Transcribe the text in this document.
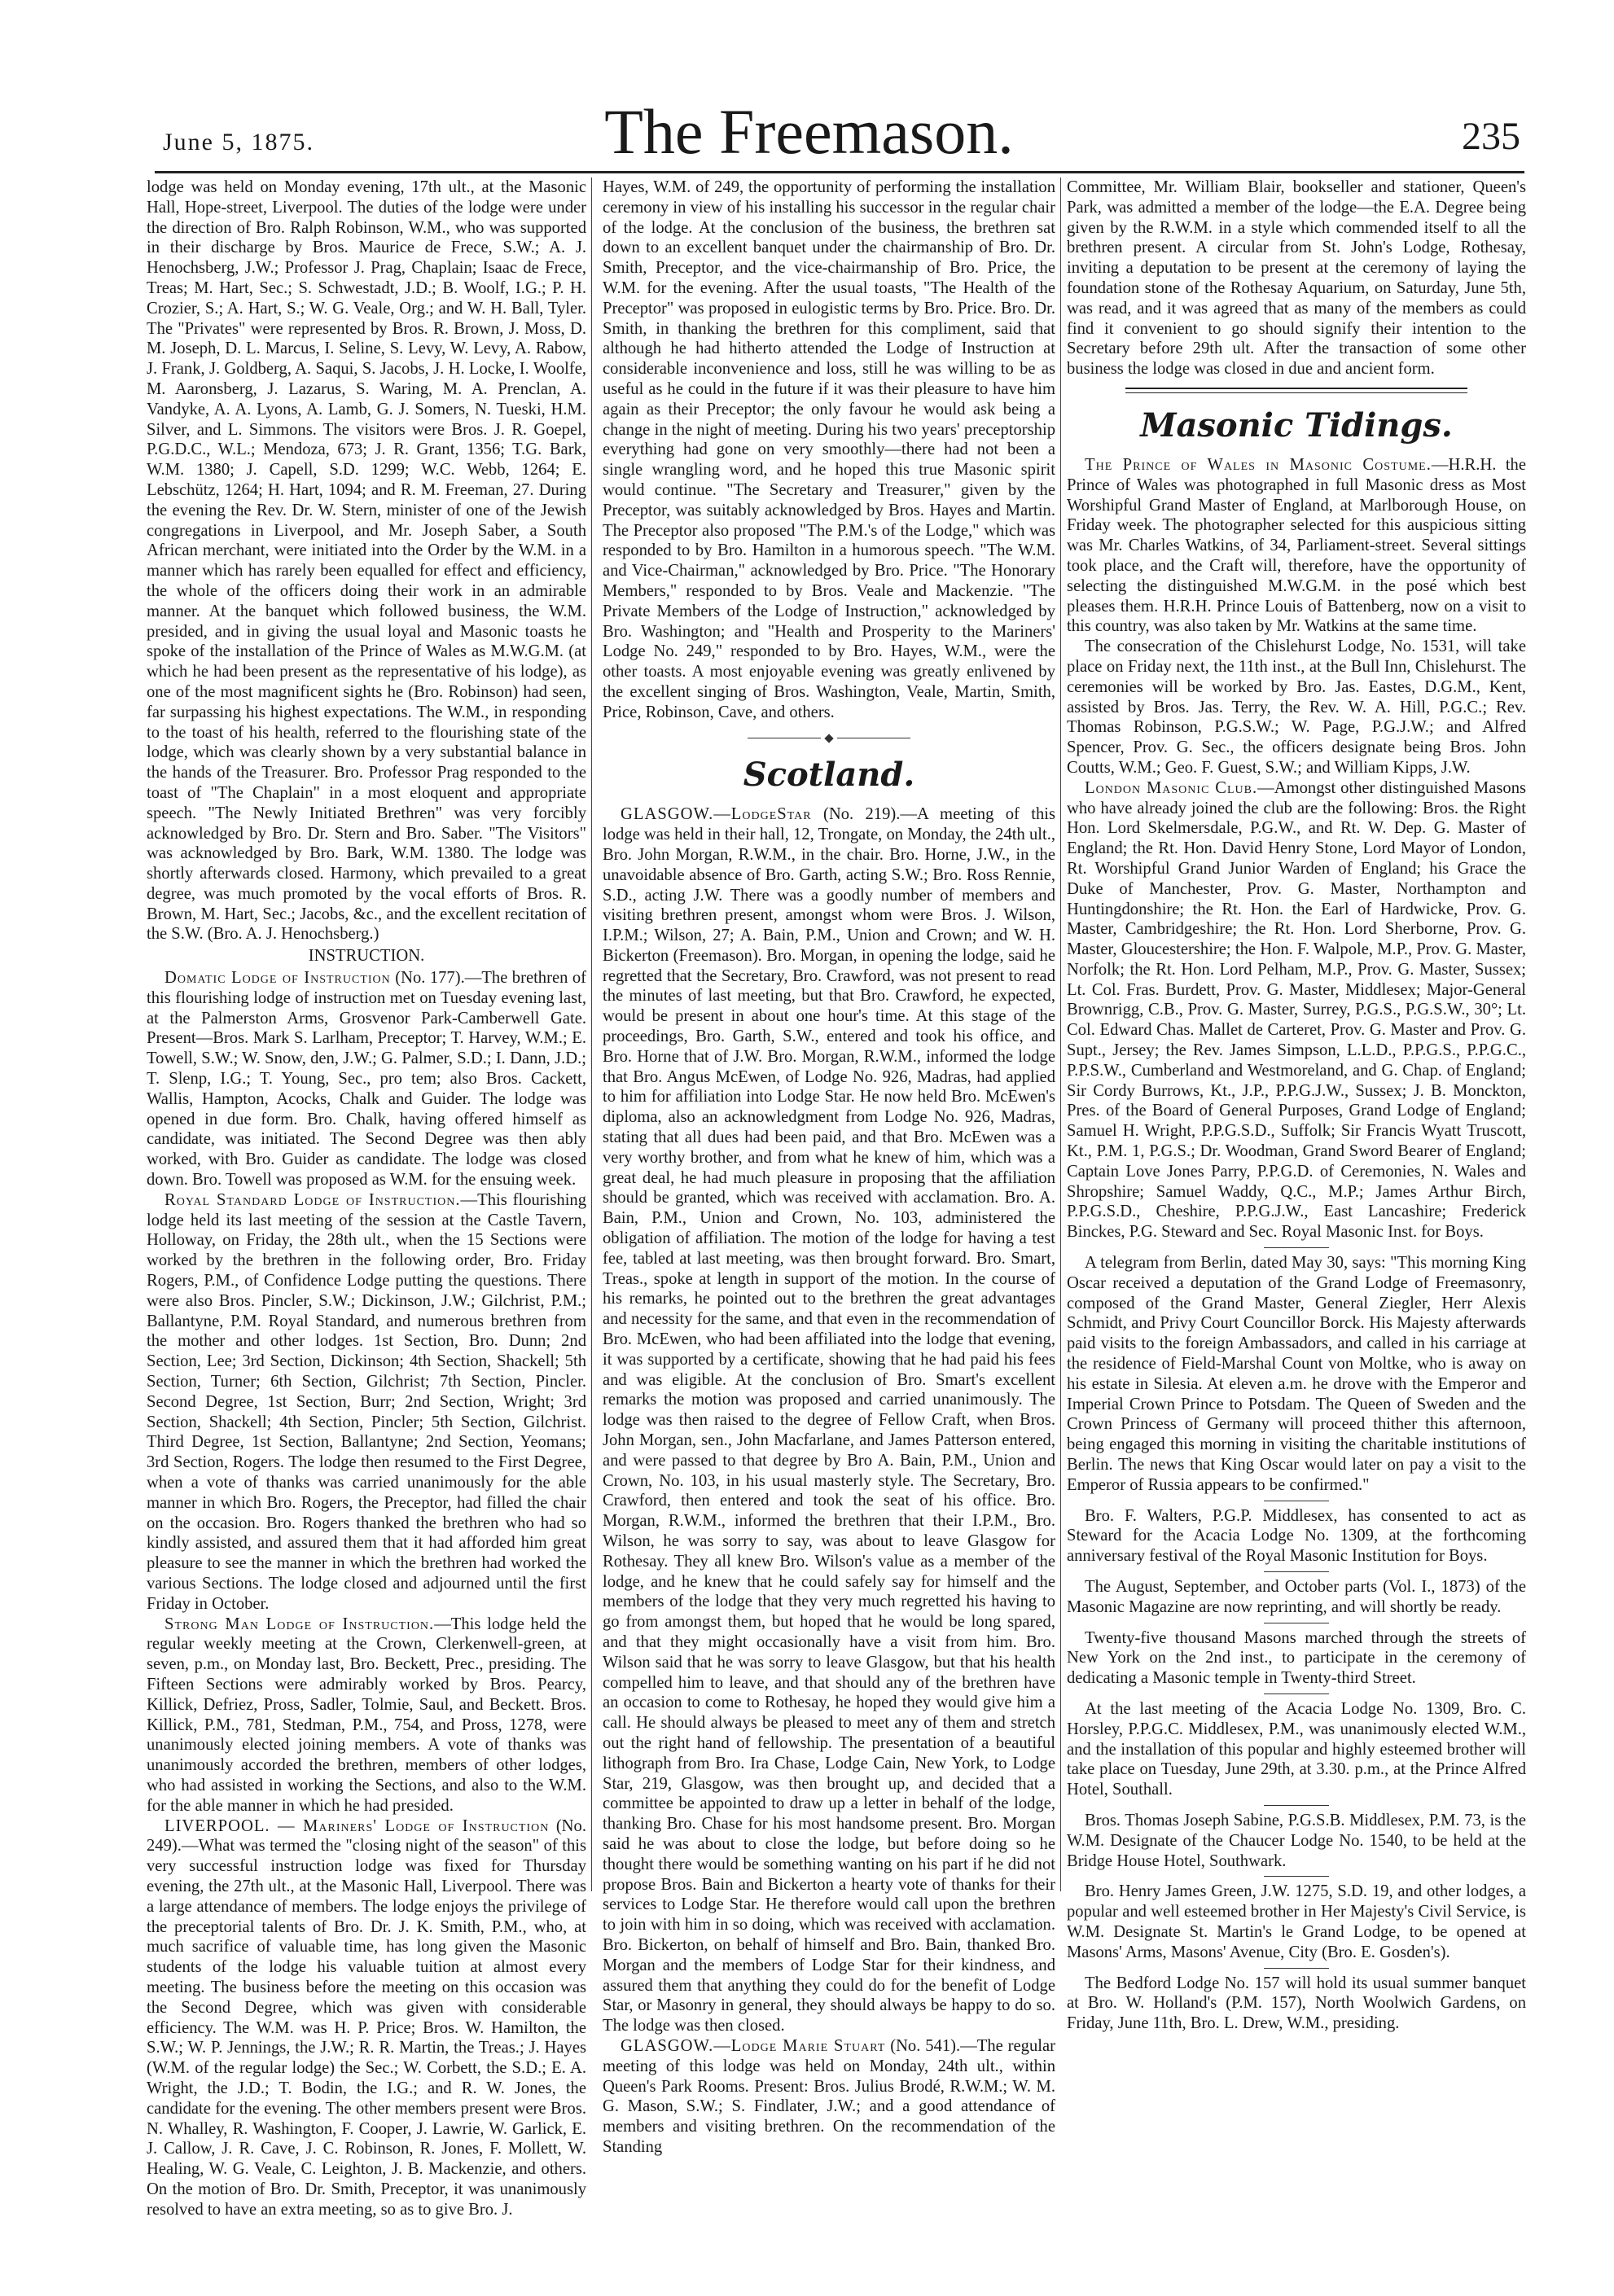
June 5, 1875.	The Freemason.	235

lodge was held on Monday evening, 17th ult., at the Masonic Hall, Hope-street, Liverpool. The duties of the lodge were under the direction of Bro. Ralph Robinson, W.M., who was supported in their discharge by Bros. Maurice de Frece, S.W.; A. J. Henochsberg, J.W.; Professor J. Prag, Chaplain; Isaac de Frece, Treas; M. Hart, Sec.; S. Schwestadt, J.D.; B. Woolf, I.G.; P. H. Crozier, S.; A. Hart, S.; W. G. Veale, Org.; and W. H. Ball, Tyler. The "Privates" were represented by Bros. R. Brown, J. Moss, D. M. Joseph, D. L. Marcus, I. Seline, S. Levy, W. Levy, A. Rabow, J. Frank, J. Goldberg, A. Saqui, S. Jacobs, J. H. Locke, I. Woolfe, M. Aaronsberg, J. Lazarus, S. Waring, M. A. Prenclan, A. Vandyke, A. A. Lyons, A. Lamb, G. J. Somers, N. Tueski, H.M. Silver, and L. Simmons. The visitors were Bros. J. R. Goepel, P.G.D.C., W.L.; Mendoza, 673; J. R. Grant, 1356; T.G. Bark, W.M. 1380; J. Capell, S.D. 1299; W.C. Webb, 1264; E. Lebschütz, 1264; H. Hart, 1094; and R. M. Freeman, 27. During the evening the Rev. Dr. W. Stern, minister of one of the Jewish congregations in Liverpool, and Mr. Joseph Saber, a South African merchant, were initiated into the Order by the W.M. in a manner which has rarely been equalled for effect and efficiency, the whole of the officers doing their work in an admirable manner. At the banquet which followed business, the W.M. presided, and in giving the usual loyal and Masonic toasts he spoke of the installation of the Prince of Wales as M.W.G.M. (at which he had been present as the representative of his lodge), as one of the most magnificent sights he (Bro. Robinson) had seen, far surpassing his highest expectations. The W.M., in responding to the toast of his health, referred to the flourishing state of the lodge, which was clearly shown by a very substantial balance in the hands of the Treasurer. Bro. Professor Prag responded to the toast of "The Chaplain" in a most eloquent and appropriate speech. "The Newly Initiated Brethren" was very forcibly acknowledged by Bro. Dr. Stern and Bro. Saber. "The Visitors" was acknowledged by Bro. Bark, W.M. 1380. The lodge was shortly afterwards closed. Harmony, which prevailed to a great degree, was much promoted by the vocal efforts of Bros. R. Brown, M. Hart, Sec.; Jacobs, &c., and the excellent recitation of the S.W. (Bro. A. J. Henochsberg.)

INSTRUCTION.

Domatic Lodge of Instruction (No. 177).—The brethren of this flourishing lodge of instruction met on Tuesday evening last, at the Palmerston Arms, Grosvenor Park-Camberwell Gate. Present—Bros. Mark S. Larlham, Preceptor; T. Harvey, W.M.; E. Towell, S.W.; W. Snow, den, J.W.; G. Palmer, S.D.; I. Dann, J.D.; T. Slenp, I.G.; T. Young, Sec., pro tem; also Bros. Cackett, Wallis, Hampton, Acocks, Chalk and Guider. The lodge was opened in due form. Bro. Chalk, having offered himself as candidate, was initiated. The Second Degree was then ably worked, with Bro. Guider as candidate. The lodge was closed down. Bro. Towell was proposed as W.M. for the ensuing week.

Royal Standard Lodge of Instruction.—This flourishing lodge held its last meeting of the session at the Castle Tavern, Holloway, on Friday, the 28th ult., when the 15 Sections were worked by the brethren in the following order, Bro. Friday Rogers, P.M., of Confidence Lodge putting the questions. There were also Bros. Pincler, S.W.; Dickinson, J.W.; Gilchrist, P.M.; Ballantyne, P.M. Royal Standard, and numerous brethren from the mother and other lodges. 1st Section, Bro. Dunn; 2nd Section, Lee; 3rd Section, Dickinson; 4th Section, Shackell; 5th Section, Turner; 6th Section, Gilchrist; 7th Section, Pincler. Second Degree, 1st Section, Burr; 2nd Section, Wright; 3rd Section, Shackell; 4th Section, Pincler; 5th Section, Gilchrist. Third Degree, 1st Section, Ballantyne; 2nd Section, Yeomans; 3rd Section, Rogers. The lodge then resumed to the First Degree, when a vote of thanks was carried unanimously for the able manner in which Bro. Rogers, the Preceptor, had filled the chair on the occasion. Bro. Rogers thanked the brethren who had so kindly assisted, and assured them that it had afforded him great pleasure to see the manner in which the brethren had worked the various Sections. The lodge closed and adjourned until the first Friday in October.

Strong Man Lodge of Instruction.—This lodge held the regular weekly meeting at the Crown, Clerkenwell-green, at seven, p.m., on Monday last, Bro. Beckett, Prec., presiding. The Fifteen Sections were admirably worked by Bros. Pearcy, Killick, Defriez, Pross, Sadler, Tolmie, Saul, and Beckett. Bros. Killick, P.M., 781, Stedman, P.M., 754, and Pross, 1278, were unanimously elected joining members. A vote of thanks was unanimously accorded the brethren, members of other lodges, who had assisted in working the Sections, and also to the W.M. for the able manner in which he had presided.

LIVERPOOL. — Mariners' Lodge of Instruction (No. 249).—What was termed the "closing night of the season" of this very successful instruction lodge was fixed for Thursday evening, the 27th ult., at the Masonic Hall, Liverpool. There was a large attendance of members. The lodge enjoys the privilege of the preceptorial talents of Bro. Dr. J. K. Smith, P.M., who, at much sacrifice of valuable time, has long given the Masonic students of the lodge his valuable tuition at almost every meeting. The business before the meeting on this occasion was the Second Degree, which was given with considerable efficiency. The W.M. was H. P. Price; Bros. W. Hamilton, the S.W.; W. P. Jennings, the J.W.; R. R. Martin, the Treas.; J. Hayes (W.M. of the regular lodge) the Sec.; W. Corbett, the S.D.; E. A. Wright, the J.D.; T. Bodin, the I.G.; and R. W. Jones, the candidate for the evening. The other members present were Bros. N. Whalley, R. Washington, F. Cooper, J. Lawrie, W. Garlick, E. J. Callow, J. R. Cave, J. C. Robinson, R. Jones, F. Mollett, W. Healing, W. G. Veale, C. Leighton, J. B. Mackenzie, and others. On the motion of Bro. Dr. Smith, Preceptor, it was unanimously resolved to have an extra meeting, so as to give Bro. J.

Hayes, W.M. of 249, the opportunity of performing the installation ceremony in view of his installing his successor in the regular chair of the lodge. At the conclusion of the business, the brethren sat down to an excellent banquet under the chairmanship of Bro. Dr. Smith, Preceptor, and the vice-chairmanship of Bro. Price, the W.M. for the evening. After the usual toasts, "The Health of the Preceptor" was proposed in eulogistic terms by Bro. Price. Bro. Dr. Smith, in thanking the brethren for this compliment, said that although he had hitherto attended the Lodge of Instruction at considerable inconvenience and loss, still he was willing to be as useful as he could in the future if it was their pleasure to have him again as their Preceptor; the only favour he would ask being a change in the night of meeting. During his two years' preceptorship everything had gone on very smoothly—there had not been a single wrangling word, and he hoped this true Masonic spirit would continue. "The Secretary and Treasurer," given by the Preceptor, was suitably acknowledged by Bros. Hayes and Martin. The Preceptor also proposed "The P.M.'s of the Lodge," which was responded to by Bro. Hamilton in a humorous speech. "The W.M. and Vice-Chairman," acknowledged by Bro. Price. "The Honorary Members," responded to by Bros. Veale and Mackenzie. "The Private Members of the Lodge of Instruction," acknowledged by Bro. Washington; and "Health and Prosperity to the Mariners' Lodge No. 249," responded to by Bro. Hayes, W.M., were the other toasts. A most enjoyable evening was greatly enlivened by the excellent singing of Bros. Washington, Veale, Martin, Smith, Price, Robinson, Cave, and others.

Scotland.

GLASGOW.—LodgeStar (No. 219).—A meeting of this lodge was held in their hall, 12, Trongate, on Monday, the 24th ult., Bro. John Morgan, R.W.M., in the chair. Bro. Horne, J.W., in the unavoidable absence of Bro. Garth, acting S.W.; Bro. Ross Rennie, S.D., acting J.W. There was a goodly number of members and visiting brethren present, amongst whom were Bros. J. Wilson, I.P.M.; Wilson, 27; A. Bain, P.M., Union and Crown; and W. H. Bickerton (Freemason). Bro. Morgan, in opening the lodge, said he regretted that the Secretary, Bro. Crawford, was not present to read the minutes of last meeting, but that Bro. Crawford, he expected, would be present in about one hour's time. At this stage of the proceedings, Bro. Garth, S.W., entered and took his office, and Bro. Horne that of J.W. Bro. Morgan, R.W.M., informed the lodge that Bro. Angus McEwen, of Lodge No. 926, Madras, had applied to him for affiliation into Lodge Star. He now held Bro. McEwen's diploma, also an acknowledgment from Lodge No. 926, Madras, stating that all dues had been paid, and that Bro. McEwen was a very worthy brother, and from what he knew of him, which was a great deal, he had much pleasure in proposing that the affiliation should be granted, which was received with acclamation. Bro. A. Bain, P.M., Union and Crown, No. 103, administered the obligation of affiliation. The motion of the lodge for having a test fee, tabled at last meeting, was then brought forward. Bro. Smart, Treas., spoke at length in support of the motion. In the course of his remarks, he pointed out to the brethren the great advantages and necessity for the same, and that even in the recommendation of Bro. McEwen, who had been affiliated into the lodge that evening, it was supported by a certificate, showing that he had paid his fees and was eligible. At the conclusion of Bro. Smart's excellent remarks the motion was proposed and carried unanimously. The lodge was then raised to the degree of Fellow Craft, when Bros. John Morgan, sen., John Macfarlane, and James Patterson entered, and were passed to that degree by Bro A. Bain, P.M., Union and Crown, No. 103, in his usual masterly style. The Secretary, Bro. Crawford, then entered and took the seat of his office. Bro. Morgan, R.W.M., informed the brethren that their I.P.M., Bro. Wilson, he was sorry to say, was about to leave Glasgow for Rothesay. They all knew Bro. Wilson's value as a member of the lodge, and he knew that he could safely say for himself and the members of the lodge that they very much regretted his having to go from amongst them, but hoped that he would be long spared, and that they might occasionally have a visit from him. Bro. Wilson said that he was sorry to leave Glasgow, but that his health compelled him to leave, and that should any of the brethren have an occasion to come to Rothesay, he hoped they would give him a call. He should always be pleased to meet any of them and stretch out the right hand of fellowship. The presentation of a beautiful lithograph from Bro. Ira Chase, Lodge Cain, New York, to Lodge Star, 219, Glasgow, was then brought up, and decided that a committee be appointed to draw up a letter in behalf of the lodge, thanking Bro. Chase for his most handsome present. Bro. Morgan said he was about to close the lodge, but before doing so he thought there would be something wanting on his part if he did not propose Bros. Bain and Bickerton a hearty vote of thanks for their services to Lodge Star. He therefore would call upon the brethren to join with him in so doing, which was received with acclamation. Bro. Bickerton, on behalf of himself and Bro. Bain, thanked Bro. Morgan and the members of Lodge Star for their kindness, and assured them that anything they could do for the benefit of Lodge Star, or Masonry in general, they should always be happy to do so. The lodge was then closed.

GLASGOW.—Lodge Marie Stuart (No. 541).—The regular meeting of this lodge was held on Monday, 24th ult., within Queen's Park Rooms. Present: Bros. Julius Brodé, R.W.M.; W. M. G. Mason, S.W.; S. Findlater, J.W.; and a good attendance of members and visiting brethren. On the recommendation of the Standing

Committee, Mr. William Blair, bookseller and stationer, Queen's Park, was admitted a member of the lodge—the E.A. Degree being given by the R.W.M. in a style which commended itself to all the brethren present. A circular from St. John's Lodge, Rothesay, inviting a deputation to be present at the ceremony of laying the foundation stone of the Rothesay Aquarium, on Saturday, June 5th, was read, and it was agreed that as many of the members as could find it convenient to go should signify their intention to the Secretary before 29th ult. After the transaction of some other business the lodge was closed in due and ancient form.

Masonic Tidings.

The Prince of Wales in Masonic Costume.—H.R.H. the Prince of Wales was photographed in full Masonic dress as Most Worshipful Grand Master of England, at Marlborough House, on Friday week. The photographer selected for this auspicious sitting was Mr. Charles Watkins, of 34, Parliament-street. Several sittings took place, and the Craft will, therefore, have the opportunity of selecting the distinguished M.W.G.M. in the posé which best pleases them. H.R.H. Prince Louis of Battenberg, now on a visit to this country, was also taken by Mr. Watkins at the same time.

The consecration of the Chislehurst Lodge, No. 1531, will take place on Friday next, the 11th inst., at the Bull Inn, Chislehurst. The ceremonies will be worked by Bro. Jas. Eastes, D.G.M., Kent, assisted by Bros. Jas. Terry, the Rev. W. A. Hill, P.G.C.; Rev. Thomas Robinson, P.G.S.W.; W. Page, P.G.J.W.; and Alfred Spencer, Prov. G. Sec., the officers designate being Bros. John Coutts, W.M.; Geo. F. Guest, S.W.; and William Kipps, J.W.

London Masonic Club.—Amongst other distinguished Masons who have already joined the club are the following: Bros. the Right Hon. Lord Skelmersdale, P.G.W., and Rt. W. Dep. G. Master of England; the Rt. Hon. David Henry Stone, Lord Mayor of London, Rt. Worshipful Grand Junior Warden of England; his Grace the Duke of Manchester, Prov. G. Master, Northampton and Huntingdonshire; the Rt. Hon. the Earl of Hardwicke, Prov. G. Master, Cambridgeshire; the Rt. Hon. Lord Sherborne, Prov. G. Master, Gloucestershire; the Hon. F. Walpole, M.P., Prov. G. Master, Norfolk; the Rt. Hon. Lord Pelham, M.P., Prov. G. Master, Sussex; Lt. Col. Fras. Burdett, Prov. G. Master, Middlesex; Major-General Brownrigg, C.B., Prov. G. Master, Surrey, P.G.S., P.G.S.W., 30°; Lt. Col. Edward Chas. Mallet de Carteret, Prov. G. Master and Prov. G. Supt., Jersey; the Rev. James Simpson, L.L.D., P.P.G.S., P.P.G.C., P.P.S.W., Cumberland and Westmoreland, and G. Chap. of England; Sir Cordy Burrows, Kt., J.P., P.P.G.J.W., Sussex; J. B. Monckton, Pres. of the Board of General Purposes, Grand Lodge of England; Samuel H. Wright, P.P.G.S.D., Suffolk; Sir Francis Wyatt Truscott, Kt., P.M. 1, P.G.S.; Dr. Woodman, Grand Sword Bearer of England; Captain Love Jones Parry, P.P.G.D. of Ceremonies, N. Wales and Shropshire; Samuel Waddy, Q.C., M.P.; James Arthur Birch, P.P.G.S.D., Cheshire, P.P.G.J.W., East Lancashire; Frederick Binckes, P.G. Steward and Sec. Royal Masonic Inst. for Boys.

A telegram from Berlin, dated May 30, says: "This morning King Oscar received a deputation of the Grand Lodge of Freemasonry, composed of the Grand Master, General Ziegler, Herr Alexis Schmidt, and Privy Court Councillor Borck. His Majesty afterwards paid visits to the foreign Ambassadors, and called in his carriage at the residence of Field-Marshal Count von Moltke, who is away on his estate in Silesia. At eleven a.m. he drove with the Emperor and Imperial Crown Prince to Potsdam. The Queen of Sweden and the Crown Princess of Germany will proceed thither this afternoon, being engaged this morning in visiting the charitable institutions of Berlin. The news that King Oscar would later on pay a visit to the Emperor of Russia appears to be confirmed."

Bro. F. Walters, P.G.P. Middlesex, has consented to act as Steward for the Acacia Lodge No. 1309, at the forthcoming anniversary festival of the Royal Masonic Institution for Boys.

The August, September, and October parts (Vol. I., 1873) of the Masonic Magazine are now reprinting, and will shortly be ready.

Twenty-five thousand Masons marched through the streets of New York on the 2nd inst., to participate in the ceremony of dedicating a Masonic temple in Twenty-third Street.

At the last meeting of the Acacia Lodge No. 1309, Bro. C. Horsley, P.P.G.C. Middlesex, P.M., was unanimously elected W.M., and the installation of this popular and highly esteemed brother will take place on Tuesday, June 29th, at 3.30. p.m., at the Prince Alfred Hotel, Southall.

Bros. Thomas Joseph Sabine, P.G.S.B. Middlesex, P.M. 73, is the W.M. Designate of the Chaucer Lodge No. 1540, to be held at the Bridge House Hotel, Southwark.

Bro. Henry James Green, J.W. 1275, S.D. 19, and other lodges, a popular and well esteemed brother in Her Majesty's Civil Service, is W.M. Designate St. Martin's le Grand Lodge, to be opened at Masons' Arms, Masons' Avenue, City (Bro. E. Gosden's).

The Bedford Lodge No. 157 will hold its usual summer banquet at Bro. W. Holland's (P.M. 157), North Woolwich Gardens, on Friday, June 11th, Bro. L. Drew, W.M., presiding.
